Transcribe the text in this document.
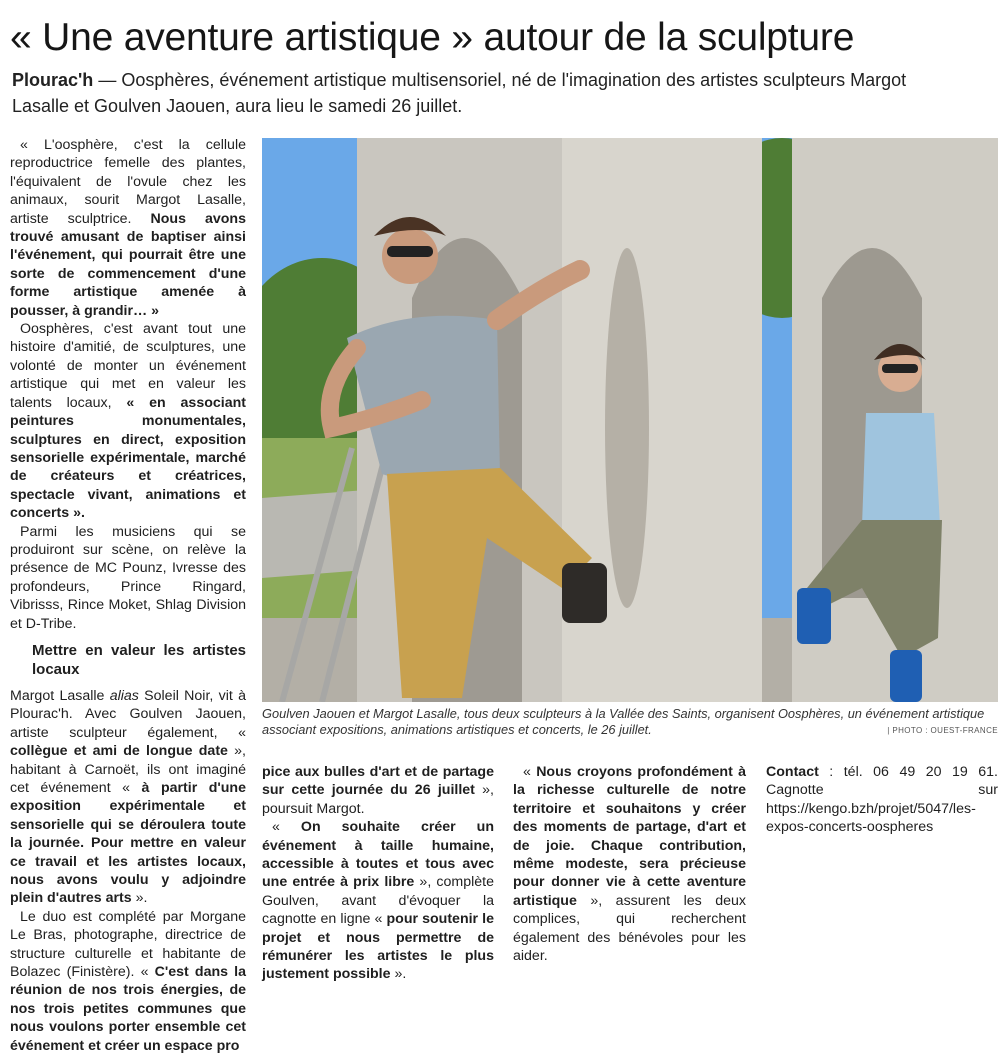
« Une aventure artistique » autour de la sculpture

Plourac'h — Oosphères, événement artistique multisensoriel, né de l'imagination des artistes sculpteurs Margot Lasalle et Goulven Jaouen, aura lieu le samedi 26 juillet.

« L'oosphère, c'est la cellule reproductrice femelle des plantes, l'équivalent de l'ovule chez les animaux, sourit Margot Lasalle, artiste sculptrice. Nous avons trouvé amusant de baptiser ainsi l'événement, qui pourrait être une sorte de commencement d'une forme artistique amenée à pousser, à grandir… »

Oosphères, c'est avant tout une histoire d'amitié, de sculptures, une volonté de monter un événement artistique qui met en valeur les talents locaux, « en associant peintures monumentales, sculptures en direct, exposition sensorielle expérimentale, marché de créateurs et créatrices, spectacle vivant, animations et concerts ».

Parmi les musiciens qui se produiront sur scène, on relève la présence de MC Pounz, Ivresse des profondeurs, Prince Ringard, Vibrisss, Rince Moket, Shlag Division et D-Tribe.

Mettre en valeur les artistes locaux

Margot Lasalle alias Soleil Noir, vit à Plourac'h. Avec Goulven Jaouen, artiste sculpteur également, « collègue et ami de longue date », habitant à Carnoët, ils ont imaginé cet événement « à partir d'une exposition expérimentale et sensorielle qui se déroulera toute la journée. Pour mettre en valeur ce travail et les artistes locaux, nous avons voulu y adjoindre plein d'autres arts ».

Le duo est complété par Morgane Le Bras, photographe, directrice de structure culturelle et habitante de Bolazec (Finistère). « C'est dans la réunion de nos trois énergies, de nos trois petites communes que nous voulons porter ensemble cet événement et créer un espace pro

Goulven Jaouen et Margot Lasalle, tous deux sculpteurs à la Vallée des Saints, organisent Oosphères, un événement artistique associant expositions, animations artistiques et concerts, le 26 juillet.	| PHOTO : OUEST-FRANCE

pice aux bulles d'art et de partage sur cette journée du 26 juillet », poursuit Margot.

« On souhaite créer un événement à taille humaine, accessible à toutes et tous avec une entrée à prix libre », complète Goulven, avant d'évoquer la cagnotte en ligne « pour soutenir le projet et nous permettre de rémunérer les artistes le plus justement possible ».

« Nous croyons profondément à la richesse culturelle de notre territoire et souhaitons y créer des moments de partage, d'art et de joie. Chaque contribution, même modeste, sera précieuse pour donner vie à cette aventure artistique », assurent les deux complices, qui recherchent également des bénévoles pour les aider.

Contact : tél. 06 49 20 19 61. Cagnotte sur https://kengo.bzh/projet/5047/les-expos-concerts-oospheres
